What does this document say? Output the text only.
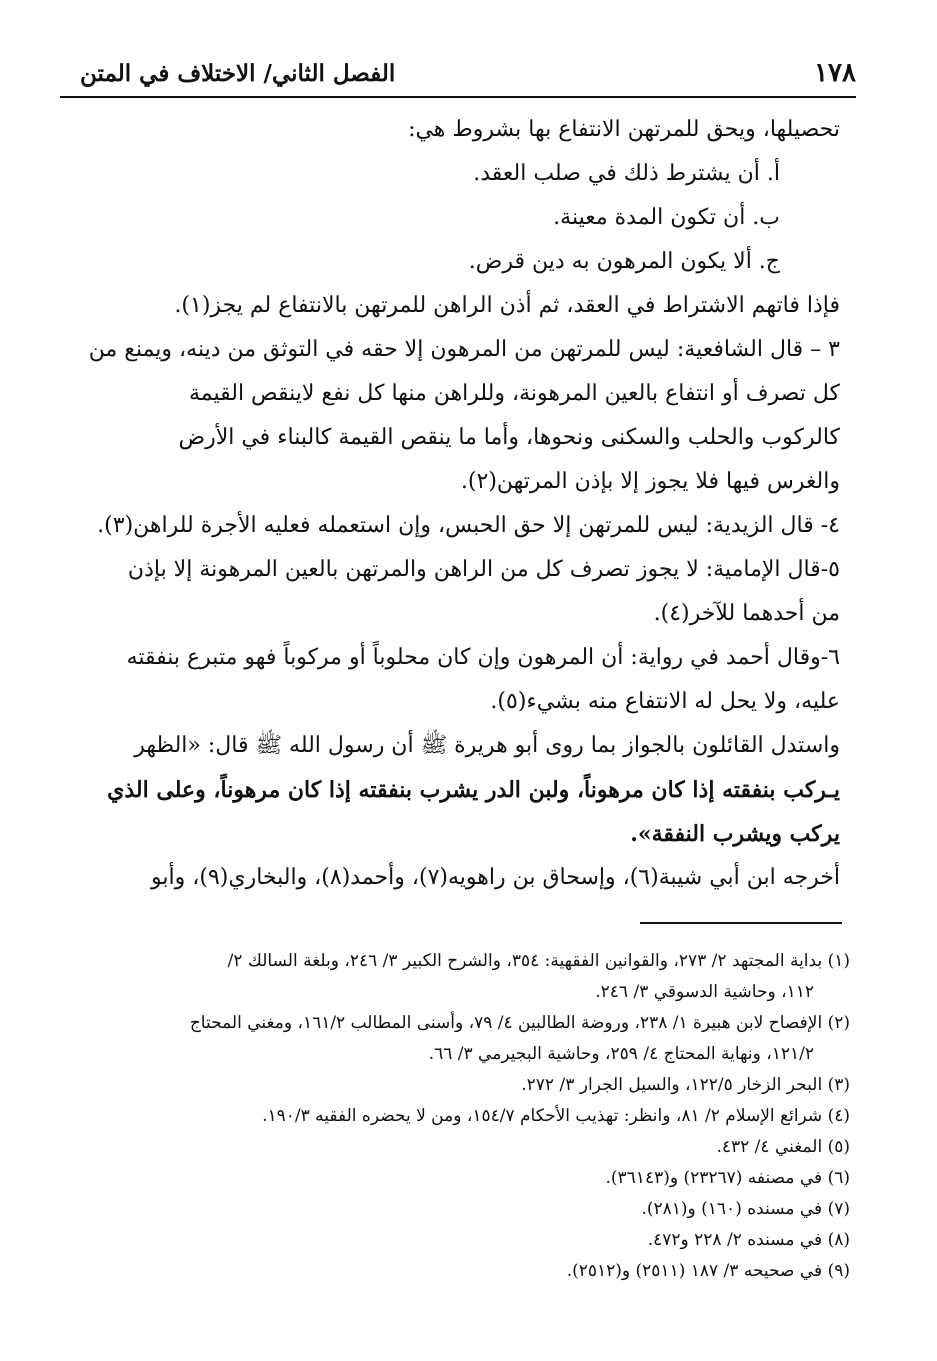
١٧٨
الفصل الثاني/ الاختلاف في المتن
تحصيلها، ويحق للمرتهن الانتفاع بها بشروط هي:
أ. أن يشترط ذلك في صلب العقد.
ب. أن تكون المدة معينة.
ج. ألا يكون المرهون به دين قرض.
فإذا فاتهم الاشتراط في العقد، ثم أذن الراهن للمرتهن بالانتفاع لم يجز(١).
٣ – قال الشافعية: ليس للمرتهن من المرهون إلا حقه في التوثق من دينه، ويمنع من
كل تصرف أو انتفاع بالعين المرهونة، وللراهن منها كل نفع لاينقص القيمة
كالركوب والحلب والسكنى ونحوها، وأما ما ينقص القيمة كالبناء في الأرض
والغرس فيها فلا يجوز إلا بإذن المرتهن(٢).
٤- قال الزيدية: ليس للمرتهن إلا حق الحبس، وإن استعمله فعليه الأجرة للراهن(٣).
٥-قال الإمامية: لا يجوز تصرف كل من الراهن والمرتهن بالعين المرهونة إلا بإذن
من أحدهما للآخر(٤).
٦-وقال أحمد في رواية: أن المرهون وإن كان محلوباً أو مركوباً فهو متبرع بنفقته
عليه، ولا يحل له الانتفاع منه بشيء(٥).
واستدل القائلون بالجواز بما روى أبو هريرة ﷺ أن رسول الله ﷺ قال: «الظهر
يـركب بنفقته إذا كان مرهوناً، ولبن الدر يشرب بنفقته إذا كان مرهوناً، وعلى الذي
يركب ويشرب النفقة».
أخرجه ابن أبي شيبة(٦)، وإسحاق بن راهويه(٧)، وأحمد(٨)، والبخاري(٩)، وأبو
(١) بداية المجتهد ٢/ ٢٧٣، والقوانين الفقهية: ٣٥٤، والشرح الكبير ٣/ ٢٤٦، وبلغة السالك ٢/
١١٢، وحاشية الدسوقي ٣/ ٢٤٦.
(٢) الإفصاح لابن هبيرة ١/ ٢٣٨، وروضة الطالبين ٤/ ٧٩، وأسنى المطالب ١٦١/٢، ومغني المحتاج
١٢١/٢، ونهاية المحتاج ٤/ ٢٥٩، وحاشية البجيرمي ٣/ ٦٦.
(٣) البحر الزخار ١٢٢/٥، والسيل الجرار ٣/ ٢٧٢.
(٤) شرائع الإسلام ٢/ ٨١، وانظر: تهذيب الأحكام ١٥٤/٧، ومن لا يحضره الفقيه ١٩٠/٣.
(٥) المغني ٤/ ٤٣٢.
(٦) في مصنفه (٢٣٢٦٧) و(٣٦١٤٣).
(٧) في مسنده (١٦٠) و(٢٨١).
(٨) في مسنده ٢/ ٢٢٨ و٤٧٢.
(٩) في صحيحه ٣/ ١٨٧ (٢٥١١) و(٢٥١٢).
